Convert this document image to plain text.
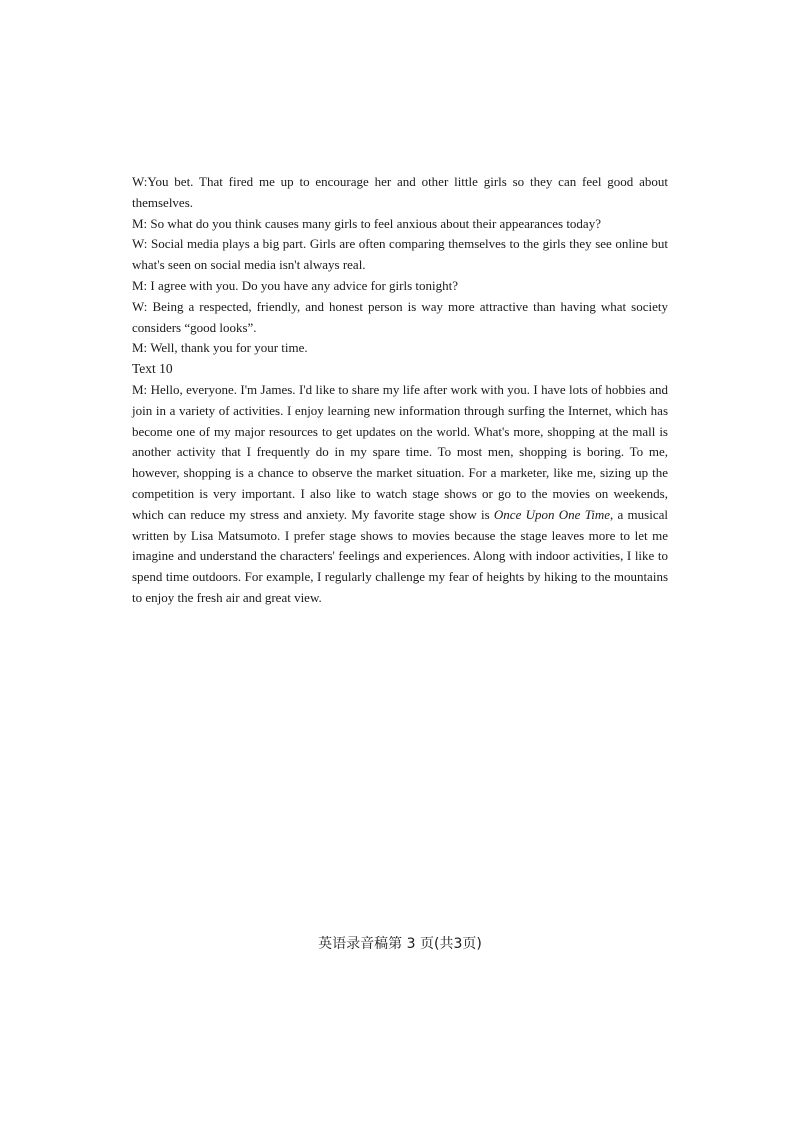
W:You bet. That fired me up to encourage her and other little girls so they can feel good about themselves.

M: So what do you think causes many girls to feel anxious about their appearances today?

W: Social media plays a big part. Girls are often comparing themselves to the girls they see online but what's seen on social media isn't always real.

M: I agree with you. Do you have any advice for girls tonight?

W: Being a respected, friendly, and honest person is way more attractive than having what society considers “good looks”.

M: Well, thank you for your time.

Text 10

M: Hello, everyone. I'm James. I'd like to share my life after work with you. I have lots of hobbies and join in a variety of activities. I enjoy learning new information through surfing the Internet, which has become one of my major resources to get updates on the world. What's more, shopping at the mall is another activity that I frequently do in my spare time. To most men, shopping is boring. To me, however, shopping is a chance to observe the market situation. For a marketer, like me, sizing up the competition is very important. I also like to watch stage shows or go to the movies on weekends, which can reduce my stress and anxiety. My favorite stage show is Once Upon One Time, a musical written by Lisa Matsumoto. I prefer stage shows to movies because the stage leaves more to let me imagine and understand the characters' feelings and experiences. Along with indoor activities, I like to spend time outdoors. For example, I regularly challenge my fear of heights by hiking to the mountains to enjoy the fresh air and great view.

英语录音稿第 3 页(共3页)
